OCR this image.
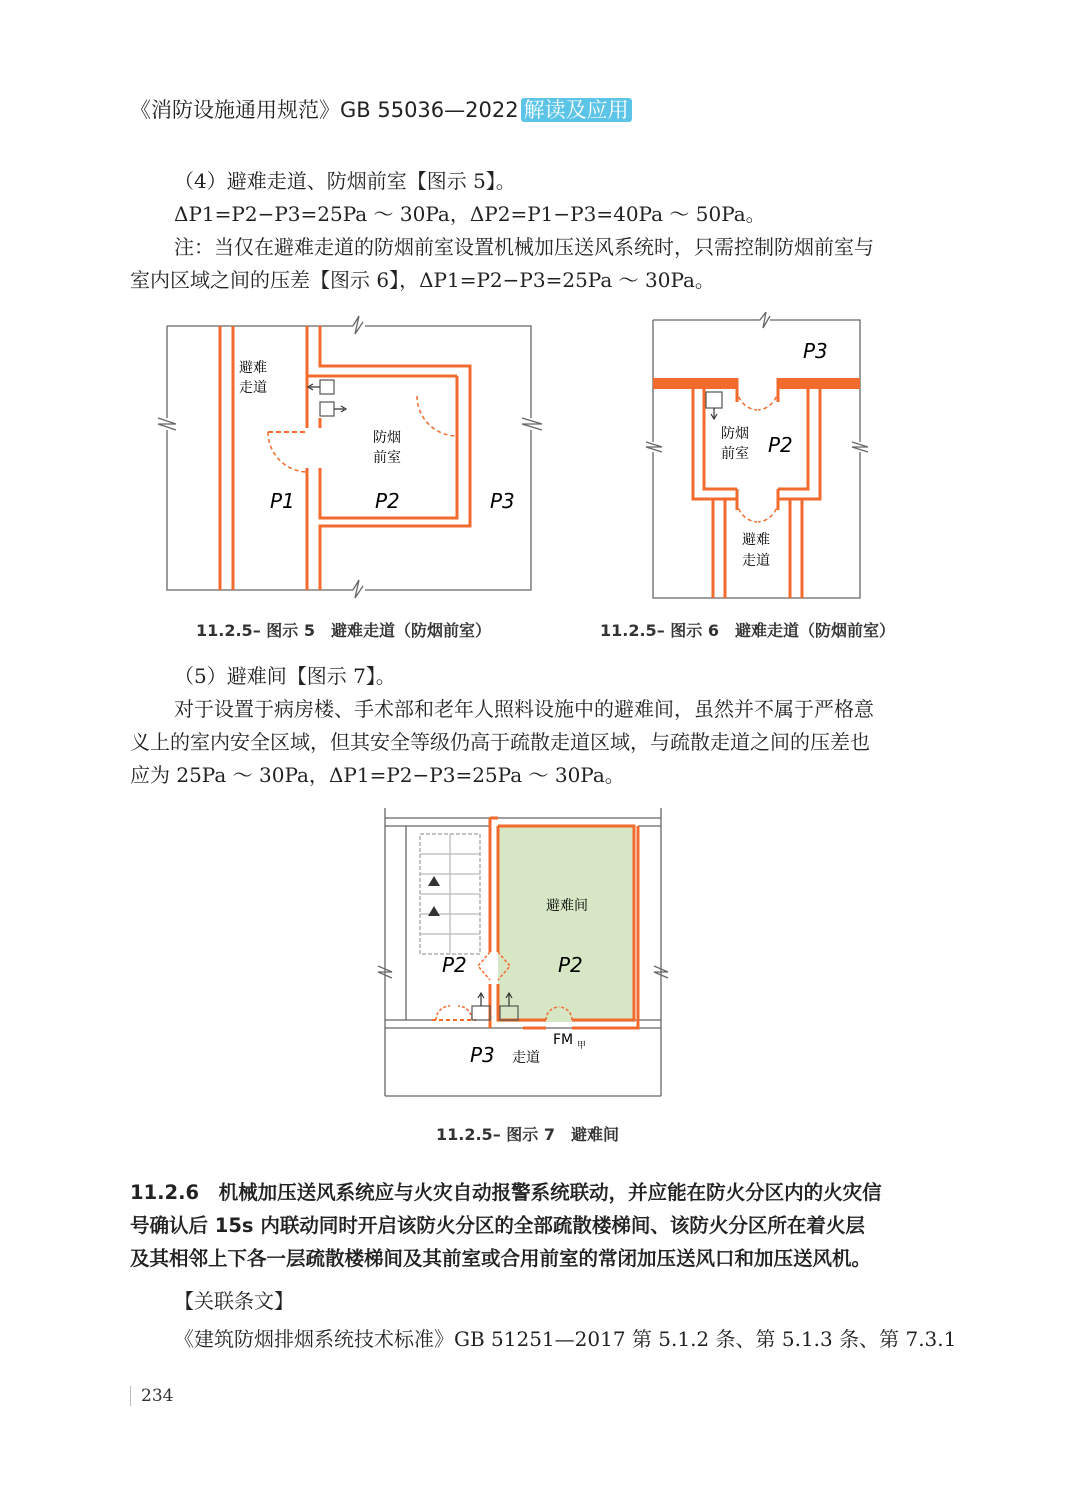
《消防设施通用规范》GB 55036—2022 解读及应用
（4）避难走道、防烟前室【图示 5】。
ΔP1=P2−P3=25Pa ～ 30Pa，ΔP2=P1−P3=40Pa ～ 50Pa。
注：当仅在避难走道的防烟前室设置机械加压送风系统时，只需控制防烟前室与
室内区域之间的压差【图示 6】，ΔP1=P2−P3=25Pa ～ 30Pa。
避难
走道
防烟
前室
P1	P2	P3
11.2.5– 图示 5　避难走道（防烟前室）
P3
防烟
前室 P2
避难
走道
11.2.5– 图示 6　避难走道（防烟前室）
（5）避难间【图示 7】。
对于设置于病房楼、手术部和老年人照料设施中的避难间，虽然并不属于严格意
义上的室内安全区域，但其安全等级仍高于疏散走道区域，与疏散走道之间的压差也
应为 25Pa ～ 30Pa，ΔP1=P2−P3=25Pa ～ 30Pa。
避难间
P2	P2
FM 甲
P3 走道
11.2.5– 图示 7　避难间
11.2.6　机械加压送风系统应与火灾自动报警系统联动，并应能在防火分区内的火灾信
号确认后 15s 内联动同时开启该防火分区的全部疏散楼梯间、该防火分区所在着火层
及其相邻上下各一层疏散楼梯间及其前室或合用前室的常闭加压送风口和加压送风机。
【关联条文】
《建筑防烟排烟系统技术标准》GB 51251—2017 第 5.1.2 条、第 5.1.3 条、第 7.3.1
234
